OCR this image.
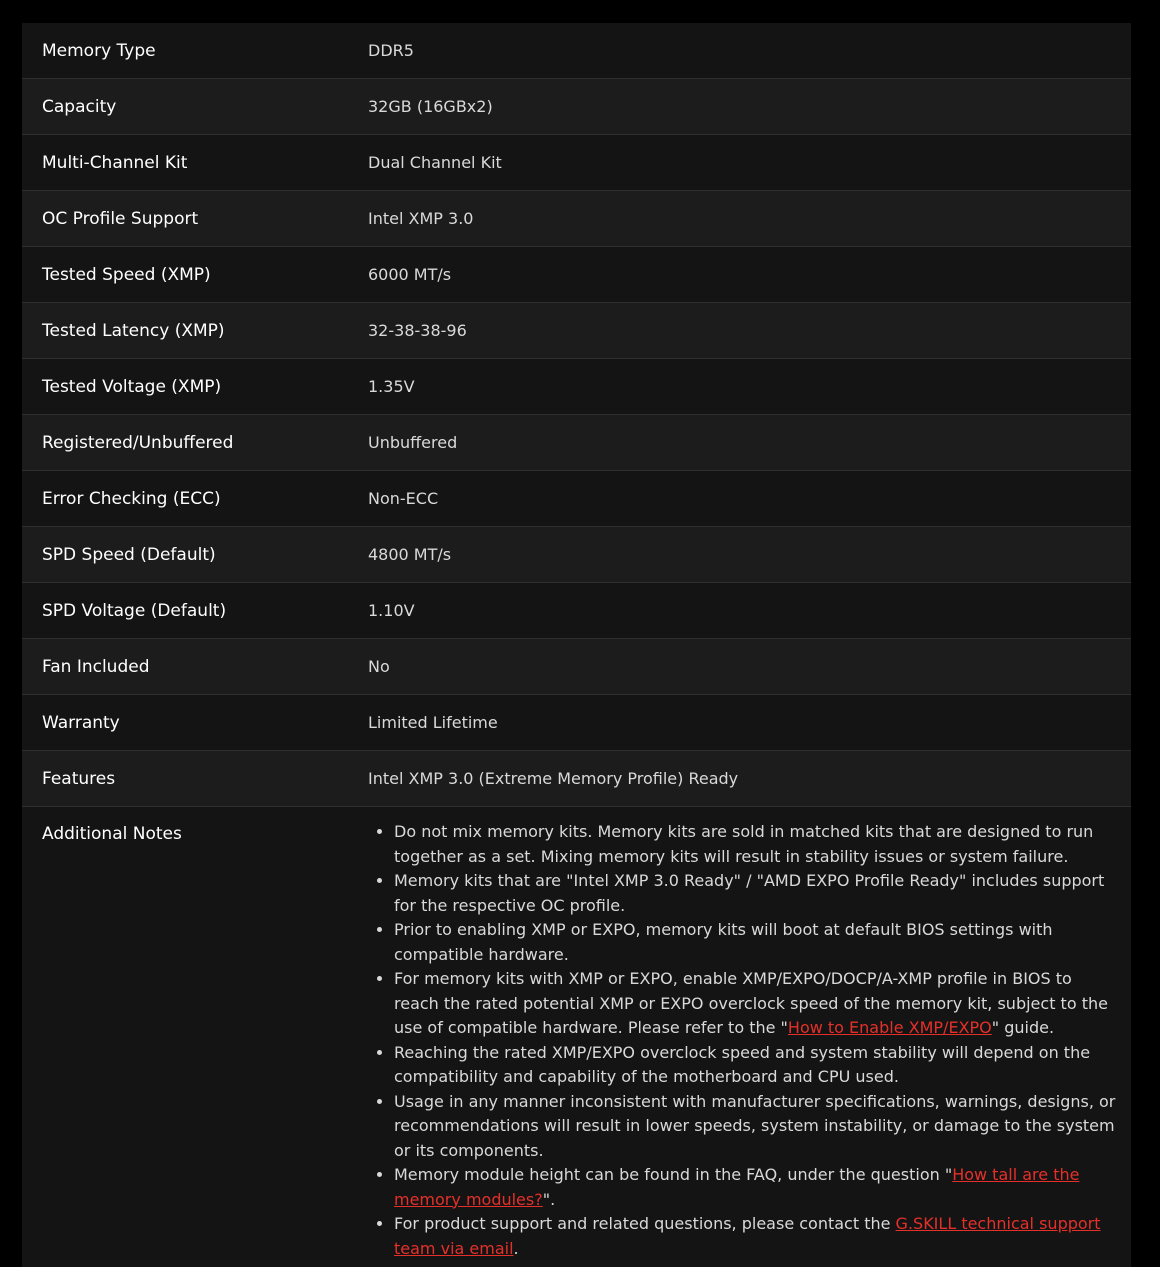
Memory Type	DDR5
Capacity	32GB (16GBx2)
Multi-Channel Kit	Dual Channel Kit
OC Profile Support	Intel XMP 3.0
Tested Speed (XMP)	6000 MT/s
Tested Latency (XMP)	32-38-38-96
Tested Voltage (XMP)	1.35V
Registered/Unbuffered	Unbuffered
Error Checking (ECC)	Non-ECC
SPD Speed (Default)	4800 MT/s
SPD Voltage (Default)	1.10V
Fan Included	No
Warranty	Limited Lifetime
Features	Intel XMP 3.0 (Extreme Memory Profile) Ready
Additional Notes
•	Do not mix memory kits. Memory kits are sold in matched kits that are designed to run together as a set. Mixing memory kits will result in stability issues or system failure.
• Memory kits that are "Intel XMP 3.0 Ready" / "AMD EXPO Profile Ready" includes support for the respective OC profile.
• Prior to enabling XMP or EXPO, memory kits will boot at default BIOS settings with compatible hardware.
• For memory kits with XMP or EXPO, enable XMP/EXPO/DOCP/A-XMP profile in BIOS to reach the rated potential XMP or EXPO overclock speed of the memory kit, subject to the use of compatible hardware. Please refer to the "How to Enable XMP/EXPO" guide.
• Reaching the rated XMP/EXPO overclock speed and system stability will depend on the compatibility and capability of the motherboard and CPU used.
• Usage in any manner inconsistent with manufacturer specifications, warnings, designs, or recommendations will result in lower speeds, system instability, or damage to the system or its components.
• Memory module height can be found in the FAQ, under the question "How tall are the memory modules?".
• For product support and related questions, please contact the G.SKILL technical support team via email.
